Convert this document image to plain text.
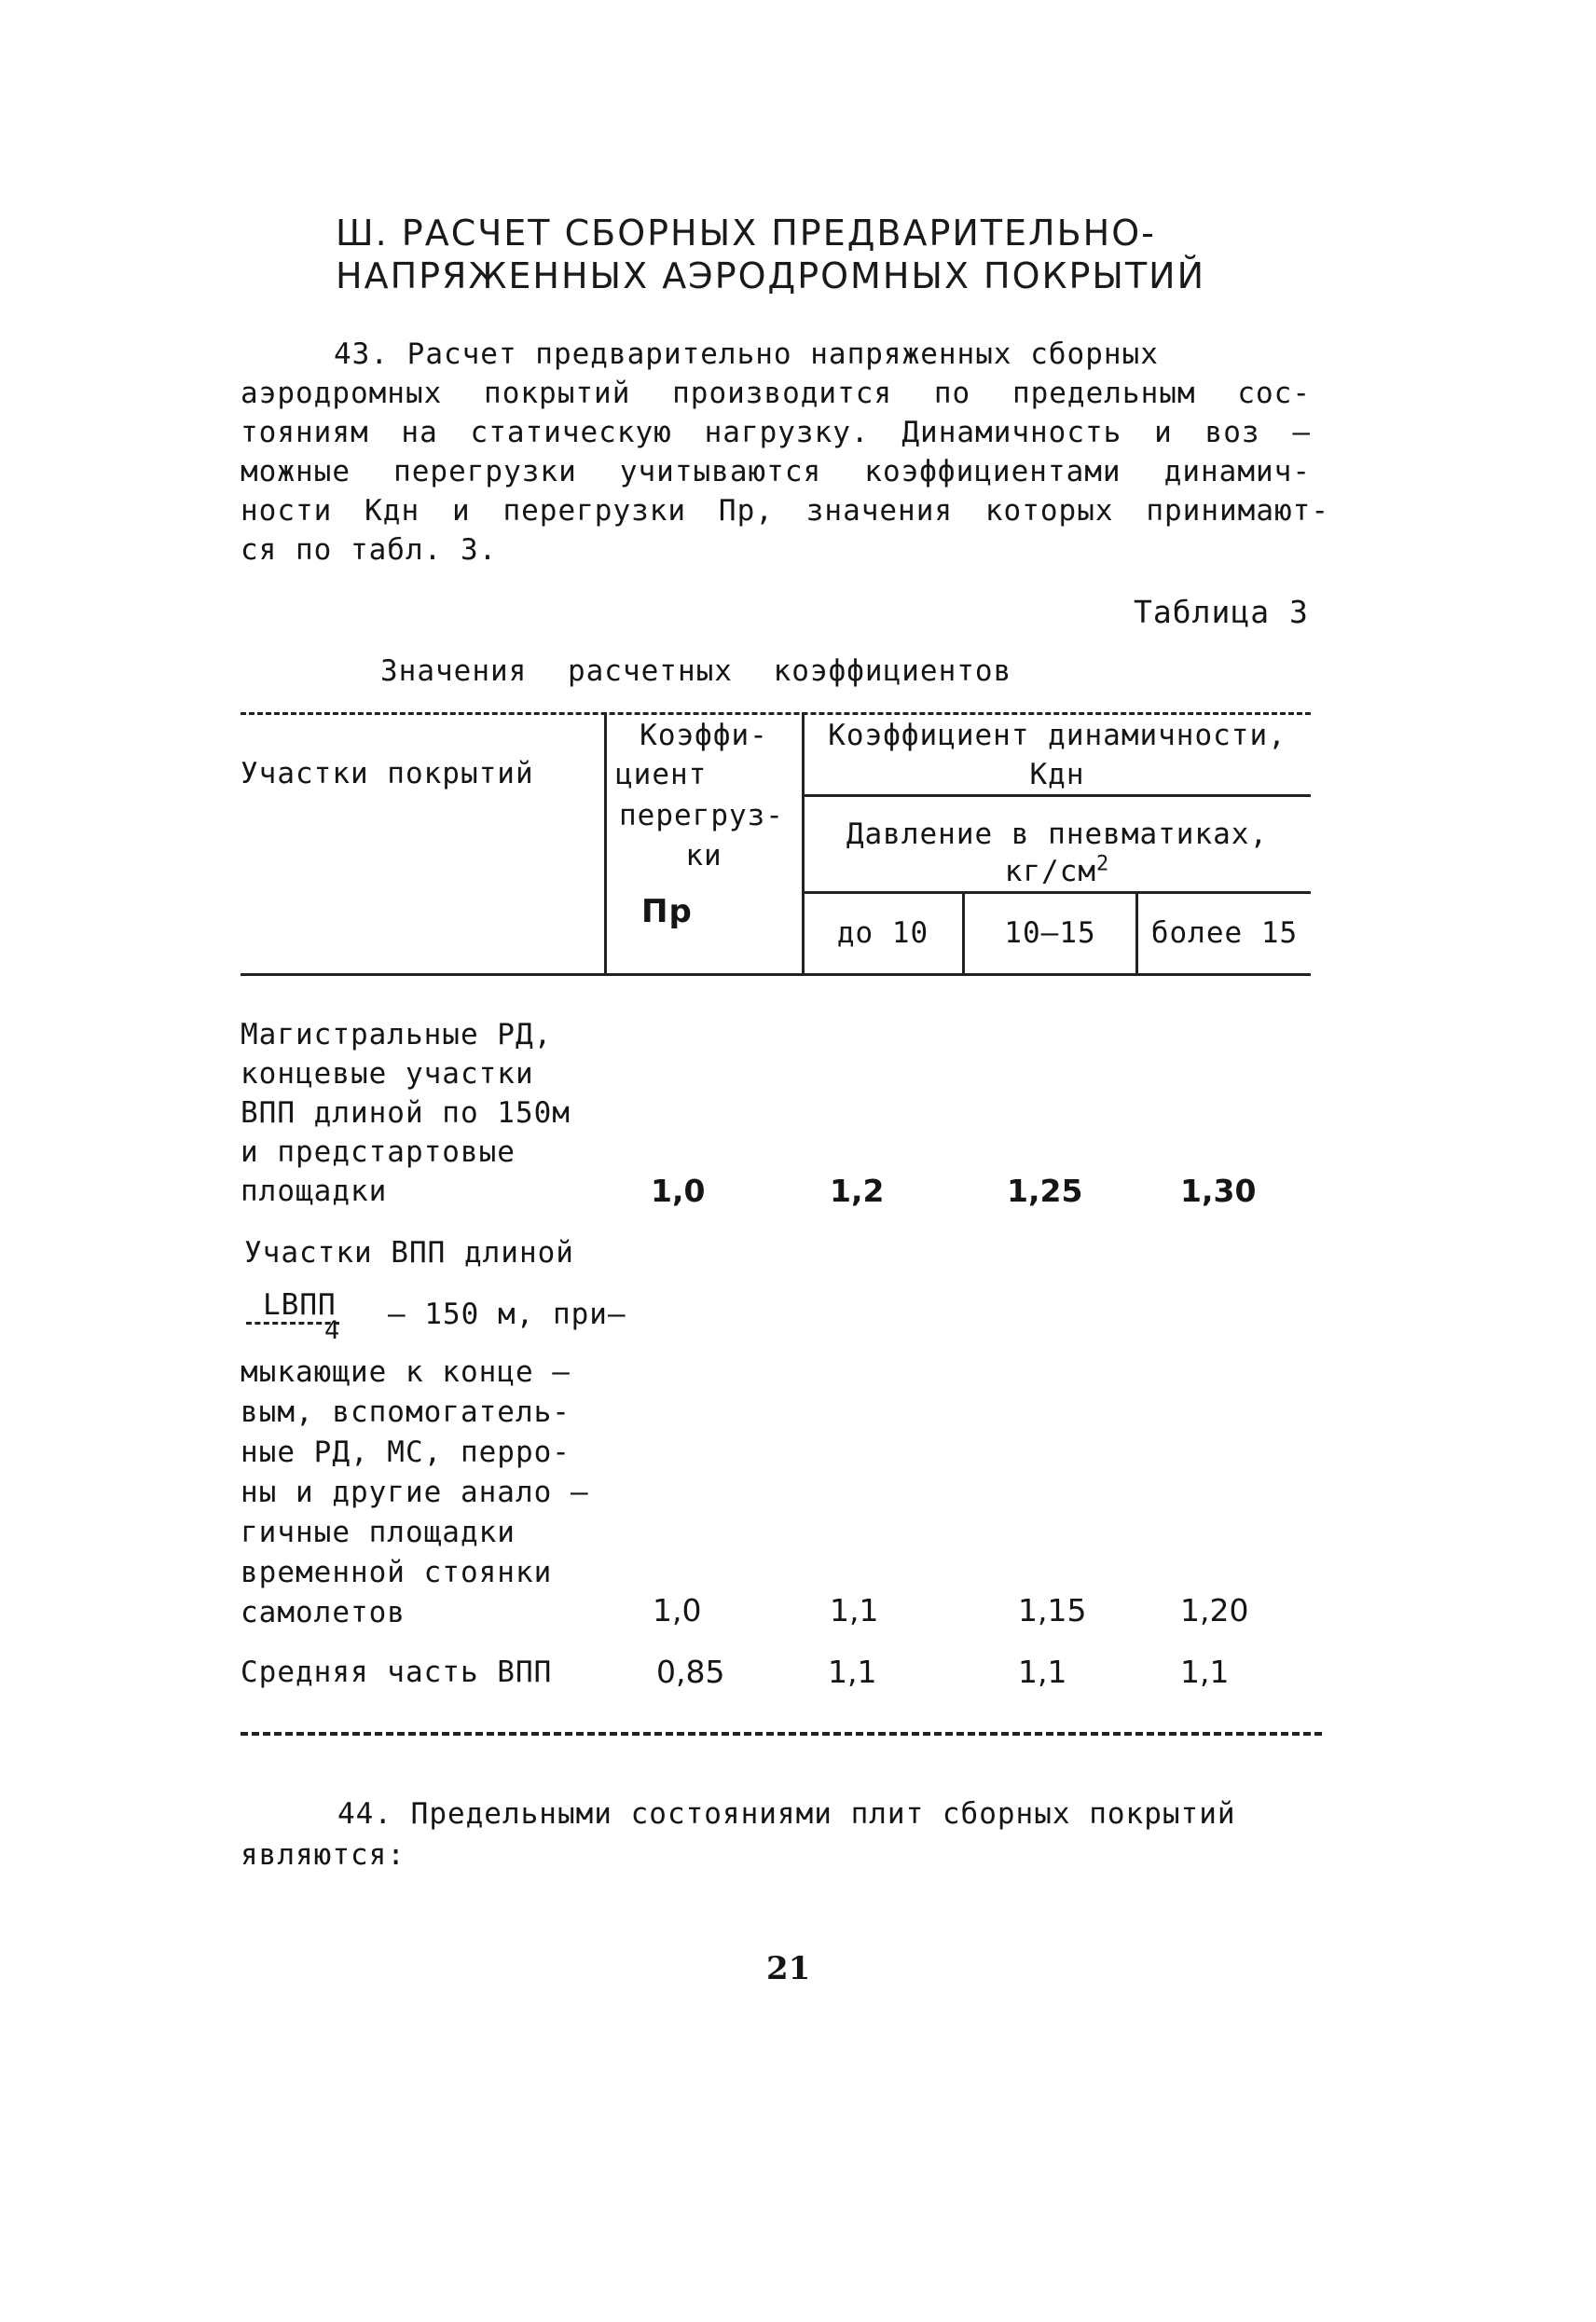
Ш. РАСЧЕТ СБОРНЫХ ПРЕДВАРИТЕЛЬНО-
НАПРЯЖЕННЫХ АЭРОДРОМНЫХ ПОКРЫТИЙ
43. Расчет предварительно напряженных сборных
аэродромных покрытий производится по предельным сос-
тояниям на статическую нагрузку. Динамичность и воз –
можные перегрузки учитываются коэффициентами динамич-
ности Кдн и перегрузки Пр, значения которых принимают-
ся по табл. 3.
Таблица 3
Значения расчетных коэффициентов
Участки покрытий
Коэффи-
циент
перегруз-
ки
Пр
Коэффициент динамичности,
Кдн
Давление в пневматиках,
$кг/см^2$
до 10	10–15	более 15
Магистральные РД,
концевые участки
ВПП длиной по 150м
и предстартовые
площадки	1,0	1,2	1,25	1,30
Участки ВПП длиной
LВПП
4 – 150 м, при–
мыкающие к конце –
вым, вспомогатель-
ные РД, МС, перро-
ны и другие анало –
гичные площадки
временной стоянки
самолетов	1,0	1,1	1,15	1,20
Средняя часть ВПП	0,85	1,1	1,1	1,1
44. Предельными состояниями плит сборных покрытий
являются:
21
